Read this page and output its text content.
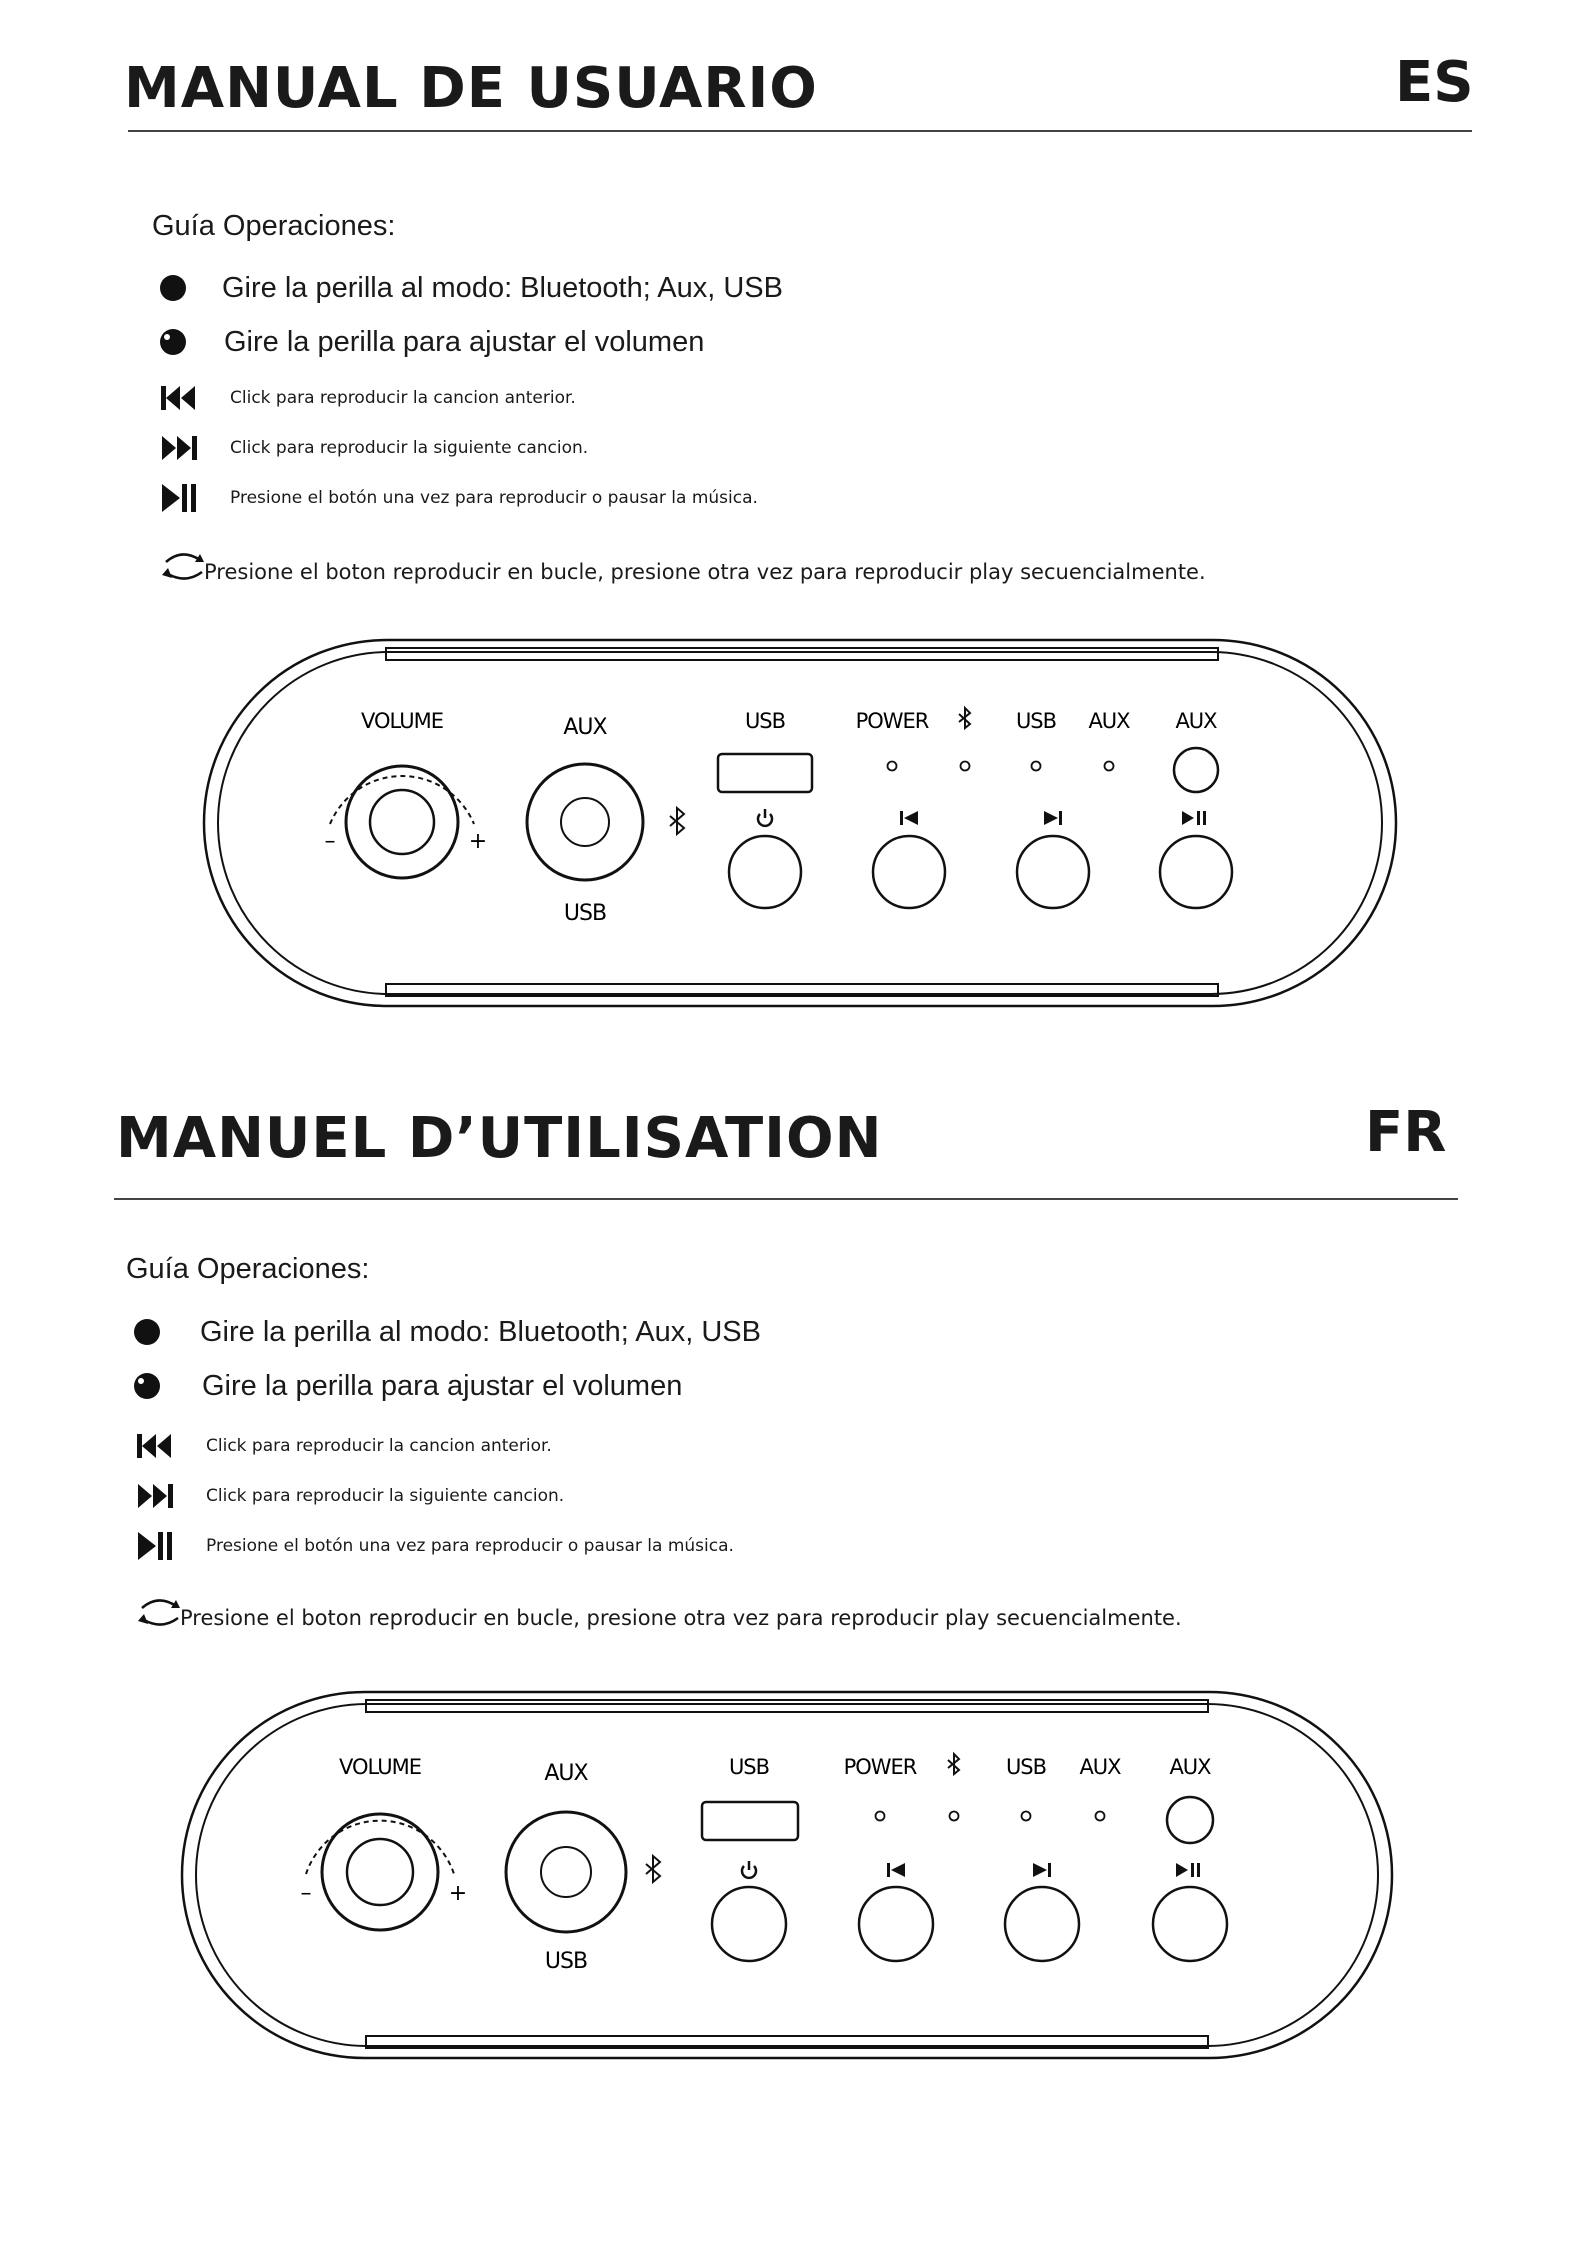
MANUAL DE USUARIO	ES
Guía Operaciones:
Gire la perilla al modo: Bluetooth; Aux, USB
Gire la perilla para ajustar el volumen
Click para reproducir la cancion anterior.
Click para reproducir la siguiente cancion.
Presione el botón una vez para reproducir o pausar la música.
Presione el boton reproducir en bucle, presione otra vez para reproducir play secuencialmente.
VOLUME
–	+
AUX
USB
USB	POWER	USB AUX AUX
MANUEL D’UTILISATION	FR
Guía Operaciones:
Gire la perilla al modo: Bluetooth; Aux, USB
Gire la perilla para ajustar el volumen
Click para reproducir la cancion anterior.
Click para reproducir la siguiente cancion.
Presione el botón una vez para reproducir o pausar la música.
Presione el boton reproducir en bucle, presione otra vez para reproducir play secuencialmente.
VOLUME
–	+
AUX
USB
USB	POWER	USB AUX AUX
